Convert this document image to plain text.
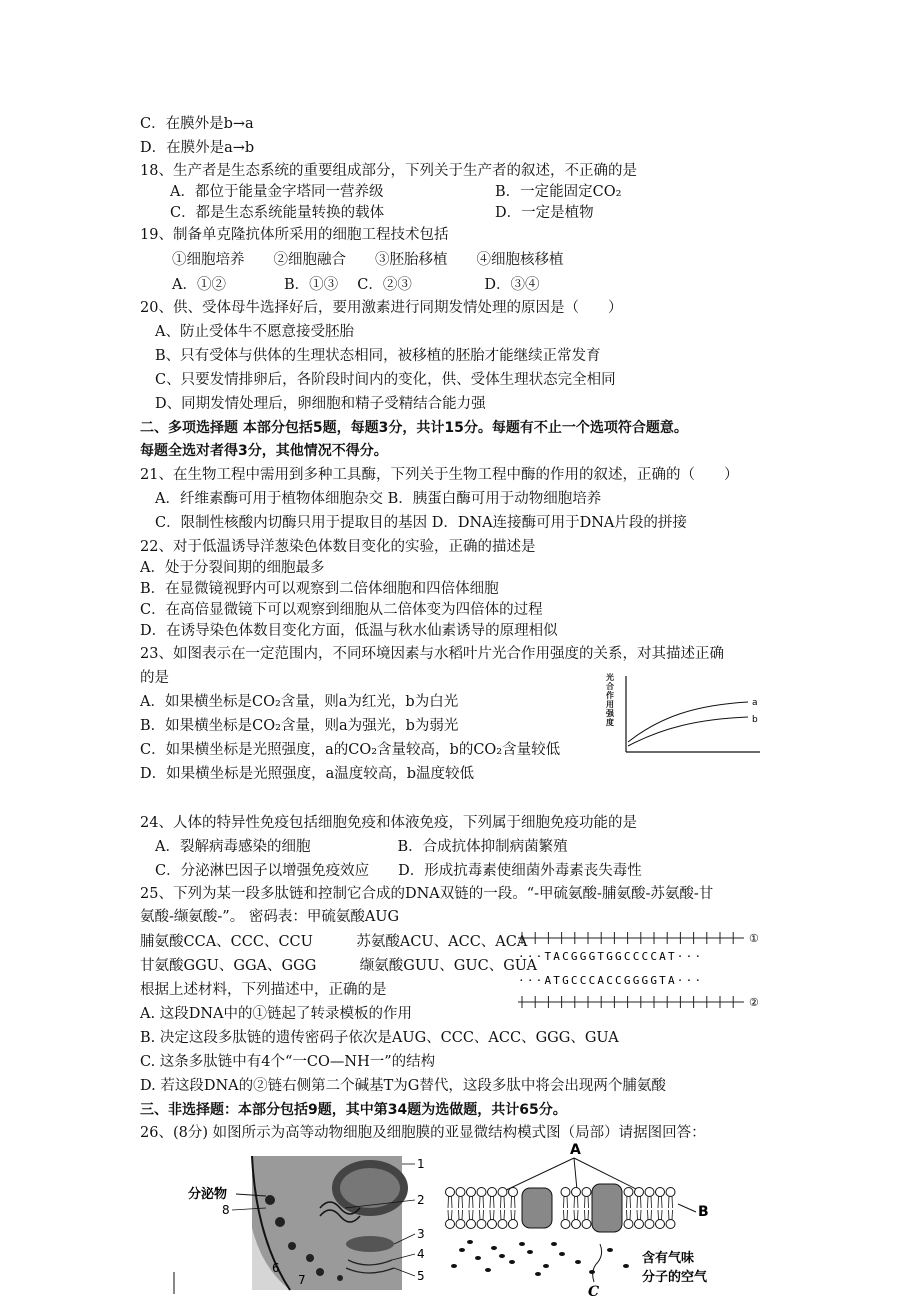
C．在膜外是b→a
D．在膜外是a→b
18、生产者是生态系统的重要组成部分，下列关于生产者的叙述，不正确的是
A．都位于能量金字塔同一营养级	B．一定能固定CO₂
C．都是生态系统能量转换的载体	D．一定是植物
19、制备单克隆抗体所采用的细胞工程技术包括
①细胞培养　　②细胞融合　　③胚胎移植　　④细胞核移植
A．①②　　　　B．①③　 C．②③　　　　　D．③④
20、供、受体母牛选择好后，要用激素进行同期发情处理的原因是（　　）
A、防止受体牛不愿意接受胚胎
B、只有受体与供体的生理状态相同，被移植的胚胎才能继续正常发育
C、只要发情排卵后，各阶段时间内的变化，供、受体生理状态完全相同
D、同期发情处理后，卵细胞和精子受精结合能力强
二、多项选择题 本部分包括5题，每题3分，共计15分。每题有不止一个选项符合题意。
每题全选对者得3分，其他情况不得分。
21、在生物工程中需用到多种工具酶，下列关于生物工程中酶的作用的叙述，正确的（　　）
A．纤维素酶可用于植物体细胞杂交 B．胰蛋白酶可用于动物细胞培养
C．限制性核酸内切酶只用于提取目的基因 D．DNA连接酶可用于DNA片段的拼接
22、对于低温诱导洋葱染色体数目变化的实验，正确的描述是
A．处于分裂间期的细胞最多
B．在显微镜视野内可以观察到二倍体细胞和四倍体细胞
C．在高倍显微镜下可以观察到细胞从二倍体变为四倍体的过程
D．在诱导染色体数目变化方面，低温与秋水仙素诱导的原理相似
23、如图表示在一定范围内，不同环境因素与水稻叶片光合作用强度的关系，对其描述正确
的是
A．如果横坐标是CO₂含量，则a为红光，b为白光
B．如果横坐标是CO₂含量，则a为强光，b为弱光
C．如果横坐标是光照强度，a的CO₂含量较高，b的CO₂含量较低
D．如果横坐标是光照强度，a温度较高，b温度较低
光合作用强度
a
b
24、人体的特异性免疫包括细胞免疫和体液免疫，下列属于细胞免疫功能的是
A．裂解病毒感染的细胞　　　　　　B．合成抗体抑制病菌繁殖
C．分泌淋巴因子以增强免疫效应　　D．形成抗毒素使细菌外毒素丧失毒性
25、下列为某一段多肽链和控制它合成的DNA双链的一段。“-甲硫氨酸-脯氨酸-苏氨酸-甘
氨酸-缬氨酸-”。 密码表：甲硫氨酸AUG
脯氨酸CCA、CCC、CCU　　　苏氨酸ACU、ACC、ACA
甘氨酸GGU、GGA、GGG　　　缬氨酸GUU、GUC、GUA
根据上述材料，下列描述中，正确的是
A. 这段DNA中的①链起了转录模板的作用
B. 决定这段多肽链的遗传密码子依次是AUG、CCC、ACC、GGG、GUA
C. 这条多肽链中有4个“一CO—NH一”的结构
D. 若这段DNA的②链右侧第二个碱基T为G替代，这段多肽中将会出现两个脯氨酸
···TACGGGTGGCCCCAT···
···ATGCCCACCGGGGTA···
①
②
三、非选择题：本部分包括9题，其中第34题为选做题，共计65分。
26、(8分) 如图所示为高等动物细胞及细胞膜的亚显微结构模式图（局部）请据图回答：
分泌物
1
2
3
4
5
6
7
8
A
B
含有气味
分子的空气
C
